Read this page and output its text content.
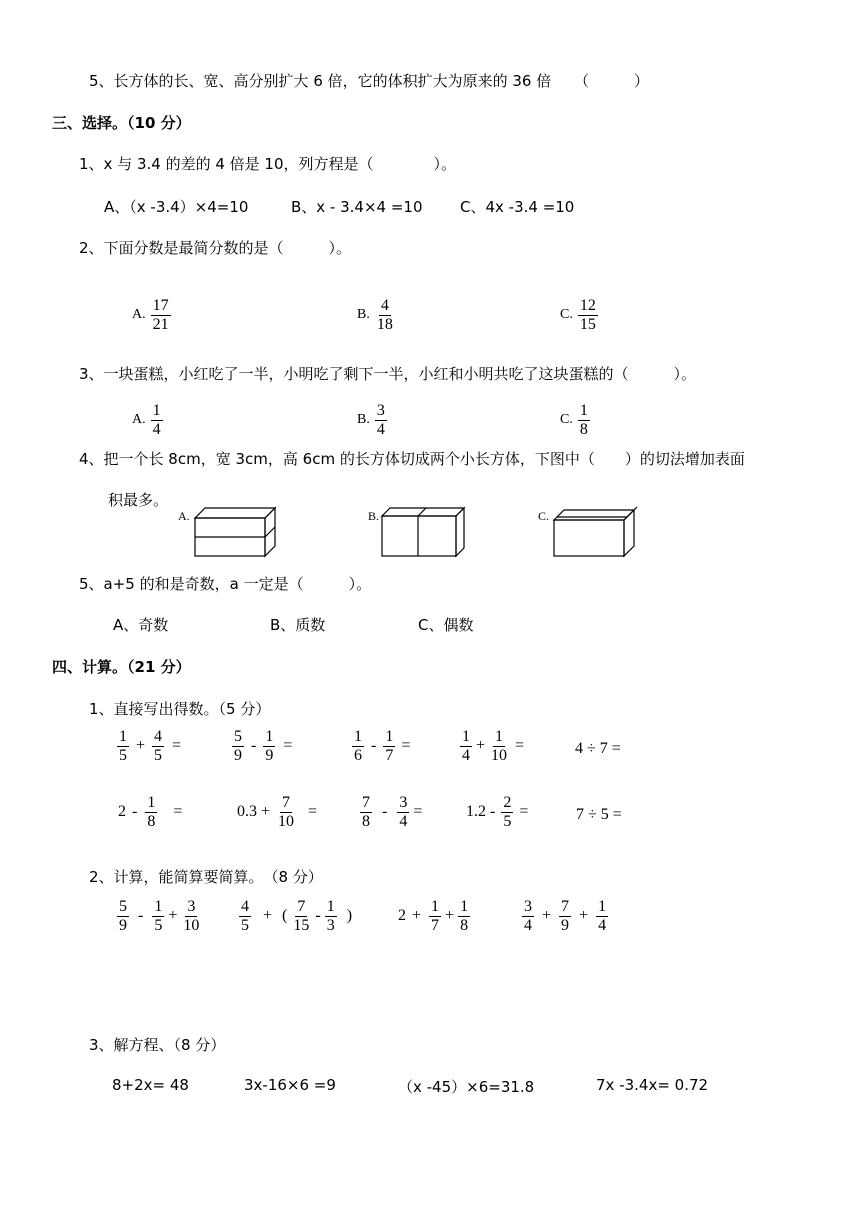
5、长方体的长、宽、高分别扩大 6 倍，它的体积扩大为原来的 36 倍 （　　　）
三、选择。（10 分）
1、x 与 3.4 的差的 4 倍是 10，列方程是（　　　　）。
A、（x -3.4）×4=10	B、x - 3.4×4 =10 C、4x -3.4 =10
2、下面分数是最简分数的是（　　　）。
A. $\frac{17}{21}$	B. $\frac{4}{18}$	C. $\frac{12}{15}$
3、一块蛋糕，小红吃了一半，小明吃了剩下一半，小红和小明共吃了这块蛋糕的（　　　）。
A. $\frac{1}{4}$	B. $\frac{3}{4}$	C. $\frac{1}{8}$
4、把一个长 8cm，宽 3cm，高 6cm 的长方体切成两个小长方体，下图中（　　）的切法增加表面
积最多。
A.	B.	C.
5、a+5 的和是奇数，a 一定是（　　　）。
A、奇数	B、质数	C、偶数
四、计算。（21 分）
1、直接写出得数。（5 分）
$\frac{1}{5} + \frac{4}{5}$ =	$\frac{5}{9} - \frac{1}{9}$ =	$\frac{1}{6} - \frac{1}{7}$ =	$\frac{1}{4} + \frac{1}{10}$ =	4 ÷ 7 =
$2 - \frac{1}{8}$ =	$0.3 + \frac{7}{10}$ =	$\frac{7}{8} - \frac{3}{4}$ =	$1.2 - \frac{2}{5}$ =	7 ÷ 5 =
2、计算，能简算要简算。　（8 分）
$\frac{5}{9} - \frac{1}{5} + \frac{3}{10} \frac{4}{5}$ + ( $\frac{7}{15} - \frac{1}{3}$ )	$2 + \frac{1}{7} + \frac{1}{8}$	$\frac{3}{4} + \frac{7}{9} + \frac{1}{4}$
3、解方程、（8 分）
8+2x= 48	3x-16×6 =9	（x -45）×6=31.8	7x -3.4x= 0.72
